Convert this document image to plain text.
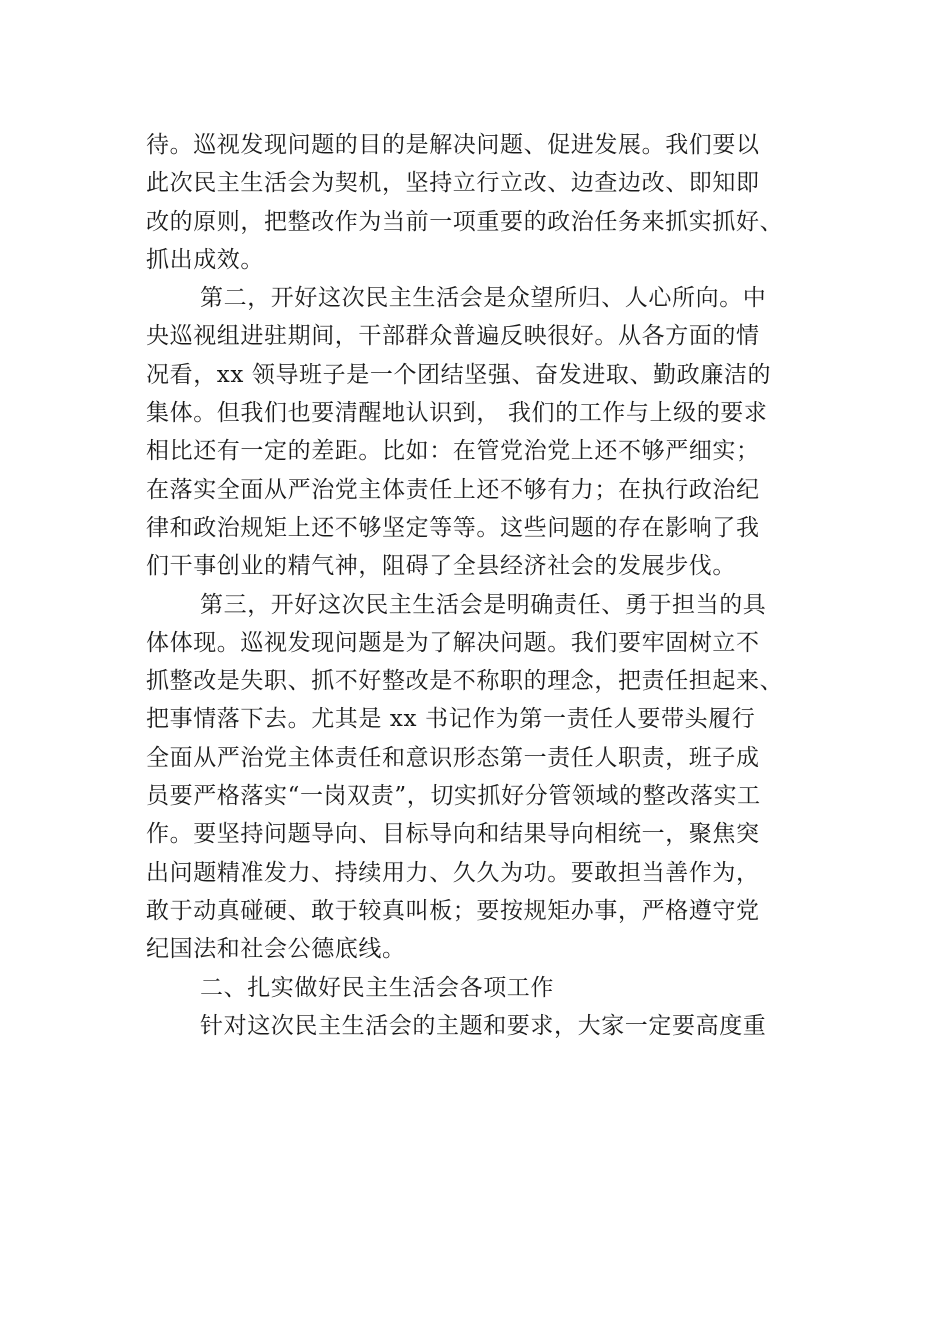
待。巡视发现问题的目的是解决问题、促进发展。我们要以
此次民主生活会为契机，坚持立行立改、边查边改、即知即
改的原则，把整改作为当前一项重要的政治任务来抓实抓好、
抓出成效。
第二，开好这次民主生活会是众望所归、人心所向。中
央巡视组进驻期间，干部群众普遍反映很好。从各方面的情
况看，xx 领导班子是一个团结坚强、奋发进取、勤政廉洁的
集体。但我们也要清醒地认识到， 我们的工作与上级的要求
相比还有一定的差距。比如：在管党治党上还不够严细实；
在落实全面从严治党主体责任上还不够有力；在执行政治纪
律和政治规矩上还不够坚定等等。这些问题的存在影响了我
们干事创业的精气神，阻碍了全县经济社会的发展步伐。
第三，开好这次民主生活会是明确责任、勇于担当的具
体体现。巡视发现问题是为了解决问题。我们要牢固树立不
抓整改是失职、抓不好整改是不称职的理念，把责任担起来、
把事情落下去。尤其是 xx 书记作为第一责任人要带头履行
全面从严治党主体责任和意识形态第一责任人职责，班子成
员要严格落实“一岗双责”，切实抓好分管领域的整改落实工
作。要坚持问题导向、目标导向和结果导向相统一，聚焦突
出问题精准发力、持续用力、久久为功。要敢担当善作为，
敢于动真碰硬、敢于较真叫板；要按规矩办事，严格遵守党
纪国法和社会公德底线。
二、扎实做好民主生活会各项工作
针对这次民主生活会的主题和要求，大家一定要高度重
